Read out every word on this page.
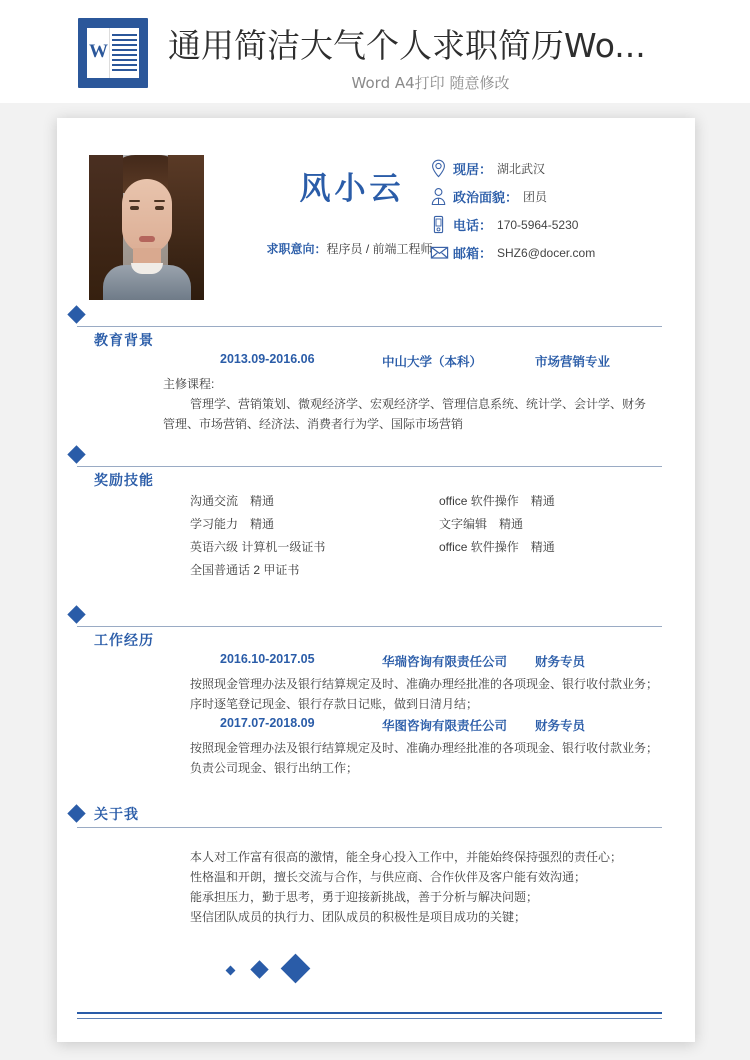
W 通用简洁大气个人求职简历Wo...
Word A4打印 随意修改
风小云
求职意向：程序员 / 前端工程师
现居： 湖北武汉
政治面貌： 团员
电话： 170-5964-5230
邮箱： SHZ6@docer.com
教育背景
2013.09-2016.06	中山大学（本科）	市场营销专业
主修课程:
管理学、营销策划、微观经济学、宏观经济学、管理信息系统、统计学、会计学、财务
管理、市场营销、经济法、消费者行为学、国际市场营销
奖励技能
沟通交流　精通	office 软件操作　精通
学习能力　精通	文字编辑　精通
英语六级 计算机一级证书	office 软件操作　精通
全国普通话 2 甲证书
工作经历
2016.10-2017.05	华瑞咨询有限责任公司 财务专员
按照现金管理办法及银行结算规定及时、准确办理经批准的各项现金、银行收付款业务；
序时逐笔登记现金、银行存款日记账，做到日清月结；
2017.07-2018.09	华图咨询有限责任公司 财务专员
按照现金管理办法及银行结算规定及时、准确办理经批准的各项现金、银行收付款业务；
负责公司现金、银行出纳工作；
关于我
本人对工作富有很高的激情，能全身心投入工作中，并能始终保持强烈的责任心；
性格温和开朗，擅长交流与合作，与供应商、合作伙伴及客户能有效沟通；
能承担压力，勤于思考，勇于迎接新挑战，善于分析与解决问题；
坚信团队成员的执行力、团队成员的积极性是项目成功的关键；
